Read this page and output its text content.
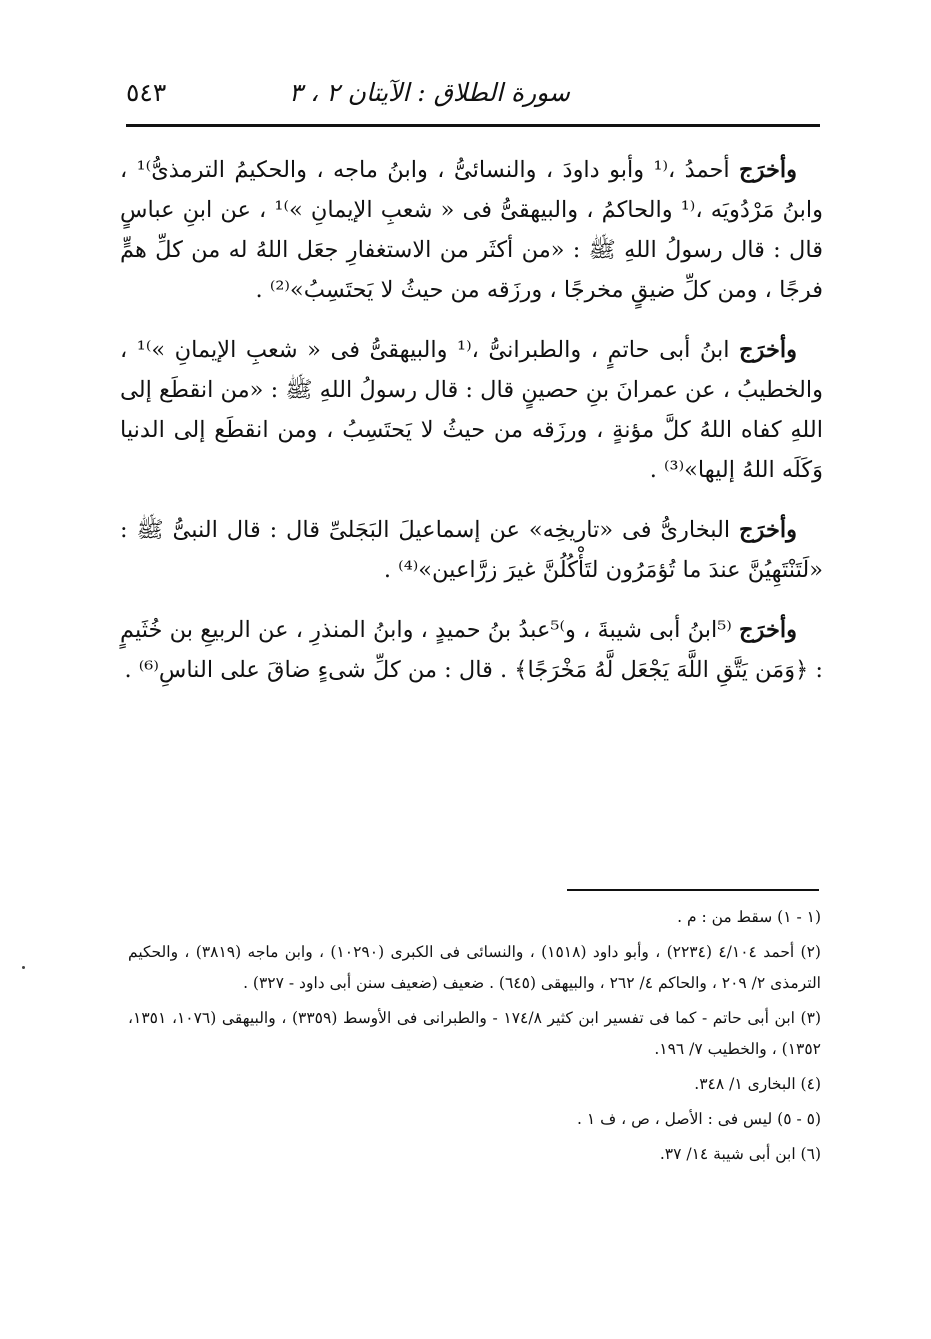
سورة الطلاق : الآيتان ٢ ، ٣
٥٤٣

وأخرَج أحمدُ ،⁽¹ وأبو داودَ ، والنسائىُّ ، وابنُ ماجه ، والحكيمُ الترمذىُّ⁾¹ ، وابنُ مَرْدُويَه ،⁽¹ والحاكمُ ، والبيهقىُّ فى « شعبِ الإيمانِ »⁾¹ ، عن ابنِ عباسٍ قال : قال رسولُ اللهِ ﷺ : «من أكثَر من الاستغفارِ جعَل اللهُ له من كلِّ همٍّ فرجًا ، ومن كلِّ ضيقٍ مخرجًا ، ورزَقه من حيثُ لا يَحتَسِبُ»⁽²⁾ .

وأخرَج ابنُ أبى حاتمٍ ، والطبرانىُّ ،⁽¹ والبيهقىُّ فى « شعبِ الإيمانِ »⁾¹ ، والخطيبُ ، عن عمرانَ بنِ حصينٍ قال : قال رسولُ اللهِ ﷺ : «من انقطَع إلى اللهِ كفاه اللهُ كلَّ مؤنةٍ ، ورزَقه من حيثُ لا يَحتَسِبُ ، ومن انقطَع إلى الدنيا وَكَلَه اللهُ إليها»⁽³⁾ .

وأخرَج البخارىُّ فى «تاريخِه» عن إسماعيلَ البَجَلىِّ قال : قال النبىُّ ﷺ : «لَتَنْتَهِيُنَّ عندَ ما تُؤمَرُون لتَأْكُلُنَّ غيرَ زرَّاعين»⁽⁴⁾ .

وأخرَج ⁽⁵ابنُ أبى شيبةَ ، و⁾⁵عبدُ بنُ حميدٍ ، وابنُ المنذرِ ، عن الربيعِ بن خُثَيمٍ : ﴿وَمَن يَتَّقِ اللَّهَ يَجْعَل لَّهُ مَخْرَجًا﴾ . قال : من كلِّ شىءٍ ضاقَ على الناسِ⁽⁶⁾ .

(١ - ١) سقط من : م .

(٢) أحمد ٤/١٠٤ (٢٢٣٤) ، وأبو داود (١٥١٨) ، والنسائى فى الكبرى (١٠٢٩٠) ، وابن ماجه (٣٨١٩) ، والحكيم الترمذى ٢/ ٢٠٩ ، والحاكم ٤/ ٢٦٢ ، والبيهقى (٦٤٥) . ضعيف (ضعيف سنن أبى داود - ٣٢٧) .

(٣) ابن أبى حاتم - كما فى تفسير ابن كثير ١٧٤/٨ - والطبرانى فى الأوسط (٣٣٥٩) ، والبيهقى (١٠٧٦، ١٣٥١، ١٣٥٢) ، والخطيب ٧/ ١٩٦.

(٤) البخارى ١/ ٣٤٨.

(٥ - ٥) ليس فى : الأصل ، ص ، ف ١ .

(٦) ابن أبى شيبة ١٤/ ٣٧.
